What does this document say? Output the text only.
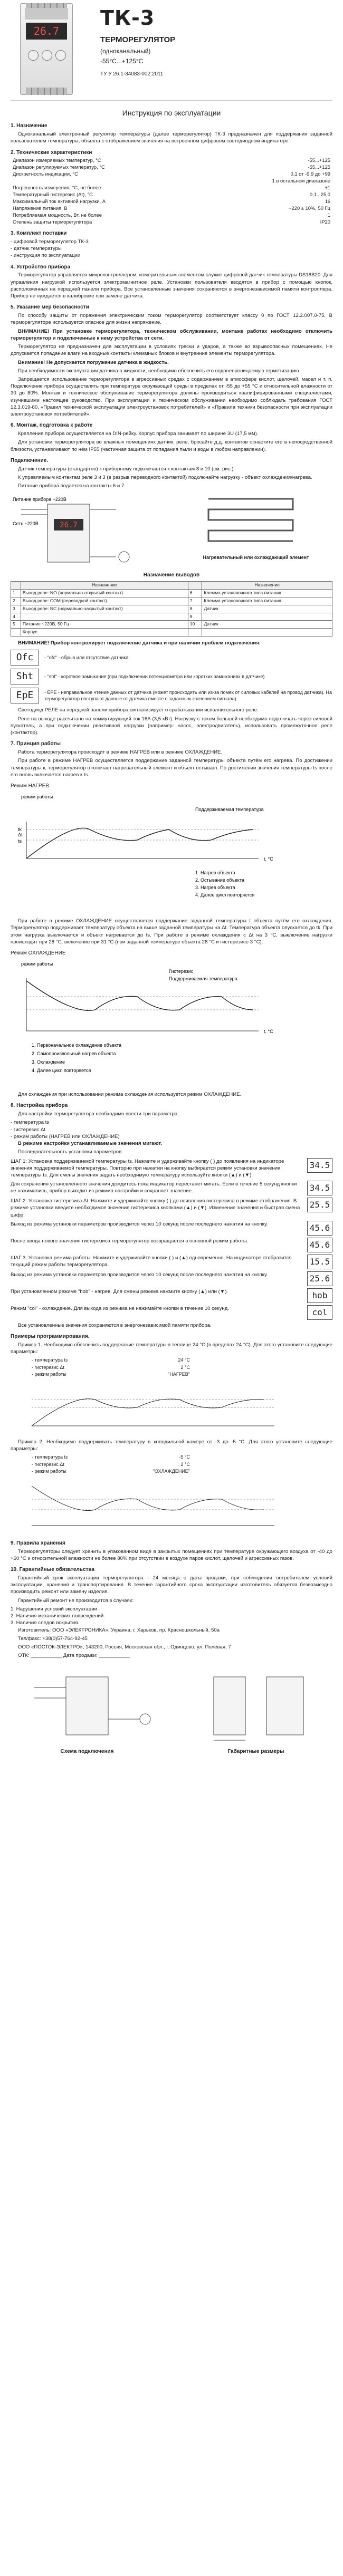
26.7
ТК-3
ТЕРМОРЕГУЛЯТОР
(одноканальный)
-55°С...+125°С
ТУ У 26.1-34083-002:2011
Инструкция по эксплуатации
1. Назначение

Одноканальный электронный регулятор температуры (далее терморегулятор) ТК-3 предназначен для поддержания заданной пользователем температуры, объекта с отображением значения на встроенном цифровом светодиодном индикаторе.

2. Технические характеристики
Диапазон измеряемых температур, °С	-55...+125
Диапазон регулируемых температур, °С	-55...+125
Дискретность индикации, °С	0,1 от -9,9 до +99
	1 в остальном диапазоне
Погрешность измерения, °С, не более	±1
Температурный гистерезис (Δt), °С	0,1...25,0
Максимальный ток активной нагрузки, А	16
Напряжение питания, В	~220 ± 10%, 50 Гц
Потребляемая мощность, Вт, не более	1
Степень защиты терморегулятора	IP20
3. Комплект поставки
- цифровой терморегулятор ТК-3
- датчик температуры
- инструкция по эксплуатации
4. Устройство прибора

Терморегулятор управляется микроконтроллером, измерительным элементом служит цифровой датчик температуры DS18B20. Для управления нагрузкой используется электромагнитное реле. Установки пользователя вводятся в прибор с помощью кнопок, расположенных на передней панели прибора. Все установленные значения сохраняются в энергонезависимой памяти контроллера. Прибор не нуждается в калибровке при замене датчика.

5. Указание мер безопасности

По способу защиты от поражения электрическим током терморегулятор соответствует классу 0 по ГОСТ 12.2.007.0-75. В терморегуляторе используется опасное для жизни напряжение.

ВНИМАНИЕ! При установке терморегулятора, техническом обслуживании, монтаже работах необходимо отключить терморегулятор и подключенные к нему устройства от сети.

Терморегулятор не предназначен для эксплуатации в условиях тряски и ударов, а также во взрывоопасных помещениях. Не допускается попадание влаги на входные контакты клеммных блоков и внутренние элементы терморегулятора.

Внимание! Не допускается погружение датчика в жидкость.

При необходимости эксплуатации датчика в жидкости, необходимо обеспечить его водонепроницаемую герметизацию.

Запрещается использование терморегулятора в агрессивных средах с содержанием в атмосфере кислот, щелочей, масел и т. п. Подключение прибора осуществлять при температуре окружающей среды в пределах от -55 до +55 °С и относительной влажности от 30 до 80%. Монтаж и техническое обслуживание терморегулятора должны производиться квалифицированными специалистами, изучившими настоящее руководство. При эксплуатации и техническом обслуживании необходимо соблюдать требования ГОСТ 12.3.019-80, «Правил технической эксплуатации электроустановок потребителей» и «Правила техники безопасности при эксплуатации электроустановок потребителей».

6. Монтаж, подготовка к работе

Крепление прибора осуществляется на DIN-рейку. Корпус прибора занимает по ширине 3U (17,5 мм).

Для установки терморегулятора во влажных помещениях датчик, реле, бросайте д.д. контактов оснастите его в непосредственной близости, устанавливают по нём IP55 (частичная защита от попадания пыли и воды в любом направлении).

Подключение.

Датчик температуры (стандартно) к приборному подключается к контактам 8 и 10 (см. рис.).

К управляемым контактам реле 3 и 3 (в разрыв переводного контактой) подключайте нагрузку - объект охлаждения/нагрева.

Питание прибора подается на контакты 6 и 7.

26.7
Питание прибора ~220В
Сеть ~220В
Нагревательный или охлаждающий элемент
Назначение выводов
	Назначение		Назначение
1	Выход реле: NO (нормально-открытый контакт)	6	Клемма установочного типа питания
2	Выход реле: COM (переводной контакт)	7	Клемма установочного типа питания
3	Выход реле: NC (нормально-закрытый контакт)	8	Датчик
4		9	
5	Питание ~220В, 50 Гц	10	Датчик
	Корпус		

ВНИМАНИЕ! Прибор контролирует подключение датчика и при наличии проблем подключения:

Ofc	- "ofc" - обрыв или отсутствие датчика
Sht	- "sht" - короткое замыкание (при подключении потенциометра или коротких замыканиях в датчике)
EpE	- ЕРЕ - неправильное чтение данных от датчика (может происходить или из-за помех от силовых кабелей на провод датчика). На терморегулятор поступают данные от датчика вместе с заданным значением сигнала)

Светодиод РЕЛЕ на передней панели прибора сигнализирует о срабатывании исполнительного реле.

Реле на выходе рассчитано на коммутирующий ток 16А (3,5 кВт). Нагрузку с током большей необходимо подключать через силовой пускатель, а при подключении реактивной нагрузки (например: насос, электродвигатель), использовать промежуточное реле (контактор).

7. Принцип работы

Работа терморегулятора происходит в режиме НАГРЕВ или в режиме ОХЛАЖДЕНИЕ.

При работе в режиме НАГРЕВ осуществляется поддержание заданной температуры объекта путём его нагрева. По достижении температуры к, терморегулятор отключает нагревательный элемент и объект остывает. По достижении значения температуры ts после его вновь включается нагрев к ts.

Режим НАГРЕВ
режим работы
t, °С
Поддерживаемая температура
1. Нагрев объекта
2. Остывание объекта
3. Нагрев объекта
4. Далее цикл повторяется
Δt
ts
tk

При работе в режиме ОХЛАЖДЕНИЕ осуществляется поддержание заданной температуры t объекта путём его охлаждения. Терморегулятор поддерживает температуру объекта на выше заданной температуры на Δt. Температура объекта опускается до tk. При этом нагрузка выключается и объект нагревается до ts. При работе в режиме охлаждения с Δt на 3 °С, выключение нагрузки происходит при 28 °С, включение при 31 °С (при заданной температуре объекта 28 °С и гистерезисе 3 °С).

Режим ОХЛАЖДЕНИЕ
режим работы
t, °С
Гистерезис
Поддерживаемая температура
1. Первоначальное охлаждение объекта
2. Самопроизвольный нагрев объекта
3. Охлаждение
4. Далее цикл повторяется

Для охлаждения при использовании режима охлаждения используется режим ОХЛАЖДЕНИЕ.

8. Настройка прибора

Для настройки терморегулятора необходимо ввести три параметра:

- температура tз
- гистерезис Δt
- режим работы (НАГРЕВ или ОХЛАЖДЕНИЕ)

В режиме настройки устанавливаемые значения мигают.

Последовательность установки параметров:

ШАГ 1: Установка поддерживаемой температуры tз. Нажмите и удерживайте кнопку ( ) до появления на индикаторе значения поддерживаемой температуры. Повторно при нажатии на кнопку выбирается режим установки значения температуры tз. Для смены значения задать необходимую температуру используйте кнопки (▲) и (▼).
34.5
Для сохранения установленного значения дождитесь пока индикатор перестанет мигать. Если в течение 5 секунд кнопки не нажимались, прибор выходит из режима настройки и сохраняет значение.	34.5
ШАГ 2: Установка гистерезиса Δt. Нажмите и удерживайте кнопку ( ) до появления гистерезиса в режиме отображения. В режиме установки введите необходимое значение гистерезиса кнопками (▲) и (▼). Изменение значения и быстрая смена цифр.
25.5
Выход из режима установки параметров производится через 10 секунд после последнего нажатия на кнопку.	45.6
После ввода нового значения гистерезиса терморегулятор возвращается в основной режим работы.	45.6
ШАГ 3: Установка режима работы. Нажмите и удерживайте кнопки ( ) и (▲) одновременно. На индикаторе отобразится текущий режим работы терморегулятора.	15.5
Выход из режима установки параметров производится через 10 секунд после последнего нажатия на кнопку.	25.6
При установленном режиме "hob" - нагрев. Для смены режима нажмите кнопку (▲) или (▼).	hob
Режим "col" - охлаждение. Для выхода из режима не нажимайте кнопки в течение 10 секунд.	col

Все установленные значения сохраняются в энергонезависимой памяти прибора.

Примеры программирования.

Пример 1. Необходимо обеспечить поддержание температуры в теплице 24 °С (в пределах 24 °С). Для этого установите следующие параметры:

- температура tз	24 °С
- гистерезис Δt	2 °С
- режим работы	"НАГРЕВ"

Пример 2. Необходимо поддерживать температуру в холодильной камере от -3 до -5 °С. Для этого установите следующие параметры:

- температура tз	-5 °С
- гистерезис Δt	2 °С
- режим работы	"ОХЛАЖДЕНИЕ"
9. Правила хранения

Терморегуляторы следует хранить в упакованном виде в закрытых помещениях при температуре окружающего воздуха от -40 до +60 °С и относительной влажности не более 80% при отсутствии в воздухе паров кислот, щелочей и агрессивных газов.

10. Гарантийные обязательства

Гарантийный срок эксплуатации терморегулятора - 24 месяца с даты продажи, при соблюдении потребителем условий эксплуатации, хранения и транспортирования. В течение гарантийного срока эксплуатации изготовитель обязуется безвозмездно производить ремонт или замену изделия.

Гарантийный ремонт не производится в случаях:

1. Нарушения условий эксплуатации.
2. Наличия механических повреждений.
3. Наличия следов вскрытия.

Изготовитель: ООО «ЭЛЕКТРОНИКА», Украина, г. Харьков, пр. Красношкольный, 50а

Тел/факс: +38(0)57-764-92-45

ООО «ПОСТОК-ЭЛЕКТРО», 143200, Россия, Московская обл., г. Одинцово, ул. Полевая, 7

ОТК: ___________ Дата продажи: ___________

Схема подключения	Габаритные размеры
